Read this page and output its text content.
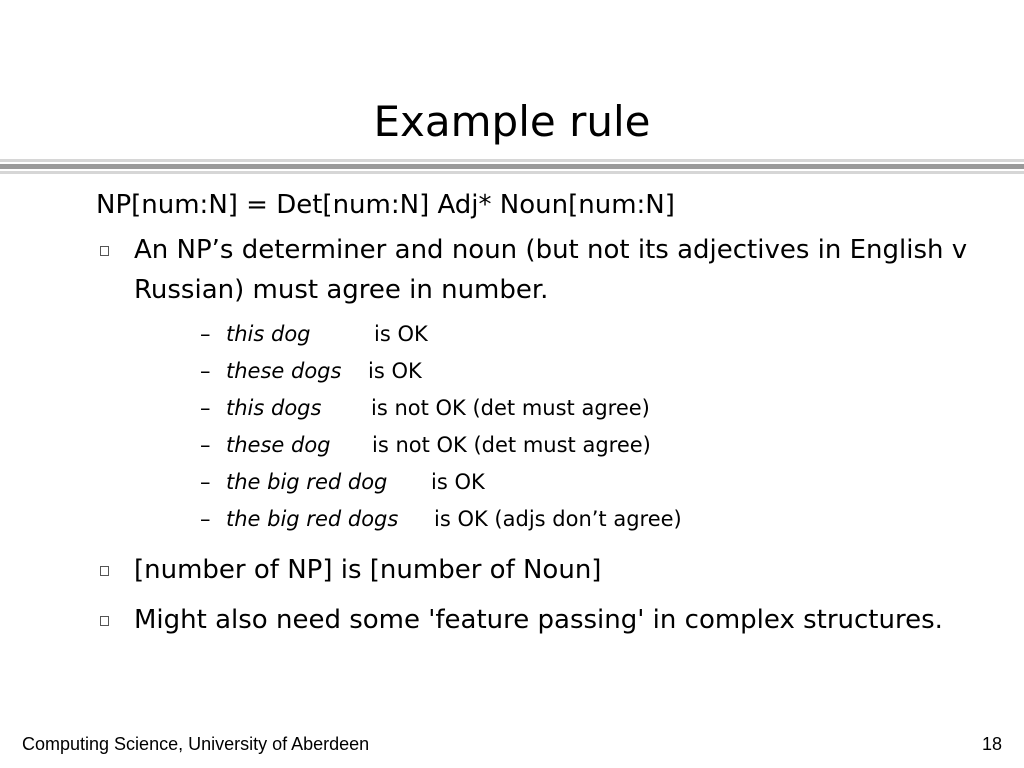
Example rule
NP[num:N] = Det[num:N] Adj* Noun[num:N]
An NP’s determiner and noun (but not its adjectives in English v Russian) must agree in number.
– this dog	is OK
– these dogs is OK
– this dogs is not OK (det must agree)
– these dog is not OK (det must agree)
– the big red dog is OK
– the big red dogs is OK (adjs don’t agree)
[number of NP] is [number of Noun]
Might also need some 'feature passing' in complex structures.
Computing Science, University of Aberdeen	18
